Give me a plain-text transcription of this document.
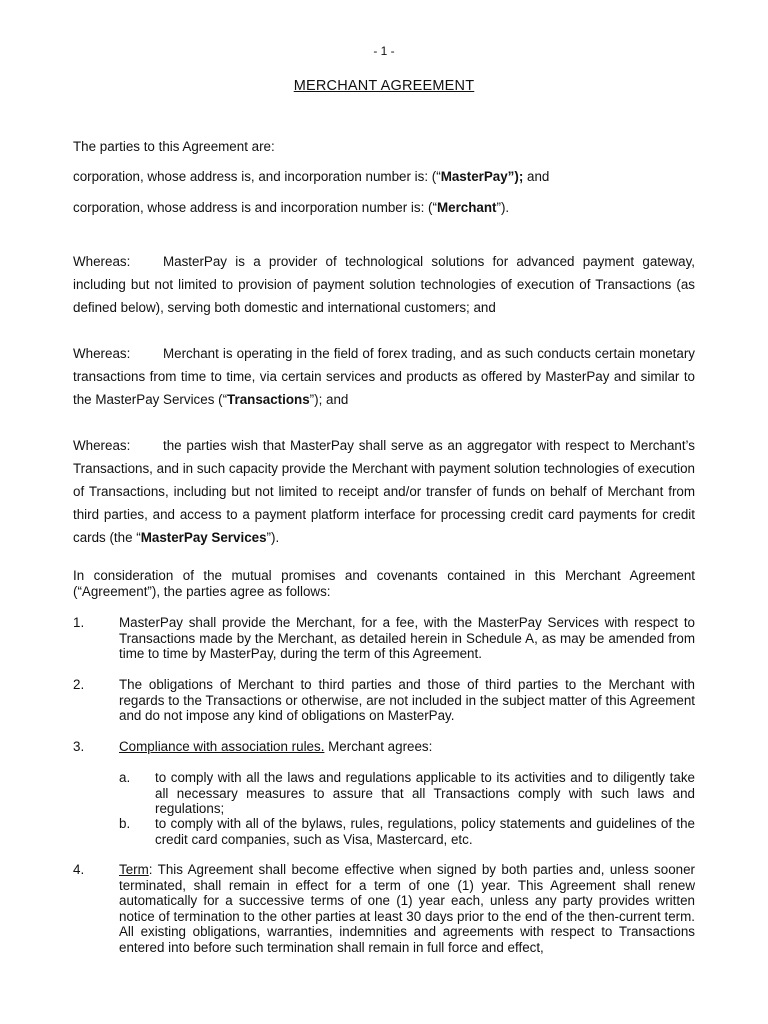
- 1 -
MERCHANT AGREEMENT

The parties to this Agreement are:

corporation, whose address is, and incorporation number is: (“MasterPay”); and

corporation, whose address is and incorporation number is: (“Merchant”).

Whereas: MasterPay is a provider of technological solutions for advanced payment gateway, including but not limited to provision of payment solution technologies of execution of Transactions (as defined below), serving both domestic and international customers; and

Whereas: Merchant is operating in the field of forex trading, and as such conducts certain monetary transactions from time to time, via certain services and products as offered by MasterPay and similar to the MasterPay Services (“Transactions”); and

Whereas: the parties wish that MasterPay shall serve as an aggregator with respect to Merchant’s Transactions, and in such capacity provide the Merchant with payment solution technologies of execution of Transactions, including but not limited to receipt and/or transfer of funds on behalf of Merchant from third parties, and access to a payment platform interface for processing credit card payments for credit cards (the “MasterPay Services”).

In consideration of the mutual promises and covenants contained in this Merchant Agreement (“Agreement”), the parties agree as follows:

1.	MasterPay shall provide the Merchant, for a fee, with the MasterPay Services with respect to Transactions made by the Merchant, as detailed herein in Schedule A, as may be amended from time to time by MasterPay, during the term of this Agreement.

2.	The obligations of Merchant to third parties and those of third parties to the Merchant with regards to the Transactions or otherwise, are not included in the subject matter of this Agreement and do not impose any kind of obligations on MasterPay.

3.	Compliance with association rules. Merchant agrees:

a. to comply with all the laws and regulations applicable to its activities and to diligently take all necessary measures to assure that all Transactions comply with such laws and regulations;

b. to comply with all of the bylaws, rules, regulations, policy statements and guidelines of the credit card companies, such as Visa, Mastercard, etc.

4.	Term: This Agreement shall become effective when signed by both parties and, unless sooner terminated, shall remain in effect for a term of one (1) year. This Agreement shall renew automatically for a successive terms of one (1) year each, unless any party provides written notice of termination to the other parties at least 30 days prior to the end of the then-current term. All existing obligations, warranties, indemnities and agreements with respect to Transactions entered into before such termination shall remain in full force and effect,
